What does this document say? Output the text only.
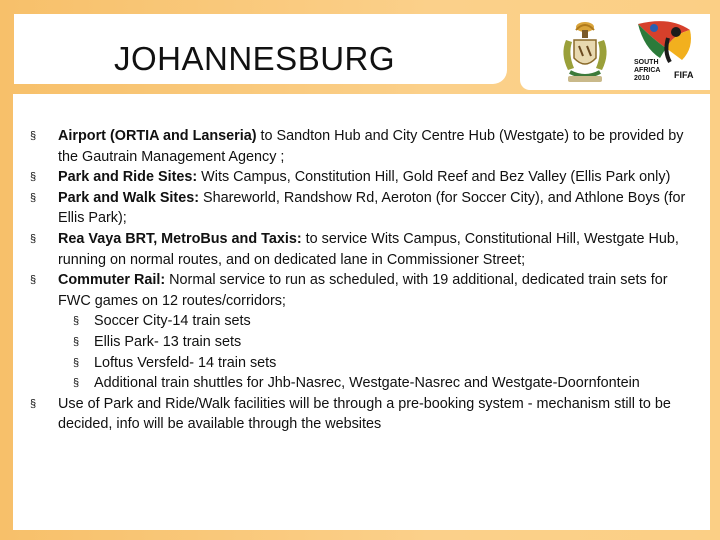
JOHANNESBURG	SOUTH
AFRICA
2010	FIFA
§ Airport (ORTIA and Lanseria) to Sandton Hub and City Centre Hub (Westgate) to be provided by the Gautrain Management Agency ;
§ Park and Ride Sites: Wits Campus, Constitution Hill, Gold Reef and Bez Valley (Ellis Park only)
§ Park and Walk Sites: Shareworld, Randshow Rd, Aeroton (for Soccer City), and Athlone Boys (for Ellis Park);
§ Rea Vaya BRT, MetroBus and Taxis: to service Wits Campus, Constitutional Hill, Westgate Hub, running on normal routes, and on dedicated lane in Commissioner Street;
§ Commuter Rail: Normal service to run as scheduled, with 19 additional, dedicated train sets for FWC games on 12 routes/corridors;
§ Soccer City-14 train sets
§ Ellis Park- 13 train sets
§ Loftus Versfeld- 14 train sets
§ Additional train shuttles for Jhb-Nasrec, Westgate-Nasrec and Westgate-Doornfontein
§ Use of Park and Ride/Walk facilities will be through a pre-booking system - mechanism still to be decided, info will be available through the websites
